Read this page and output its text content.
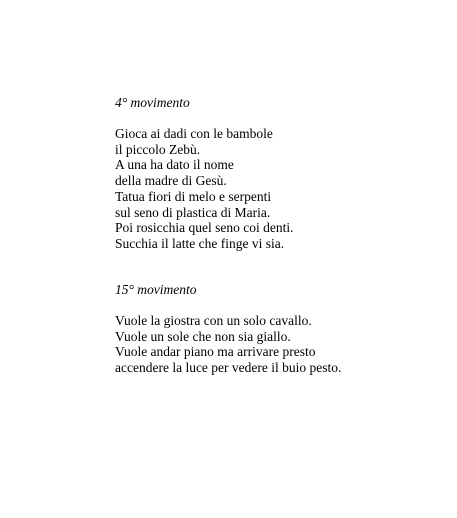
4° movimento
Gioca ai dadi con le bambole
il piccolo Zebù.
A una ha dato il nome
della madre di Gesù.
Tatua fiori di melo e serpenti
sul seno di plastica di Maria.
Poi rosicchia quel seno coi denti.
Succhia il latte che finge vi sia.
15° movimento
Vuole la giostra con un solo cavallo.
Vuole un sole che non sia giallo.
Vuole andar piano ma arrivare presto
accendere la luce per vedere il buio pesto.
